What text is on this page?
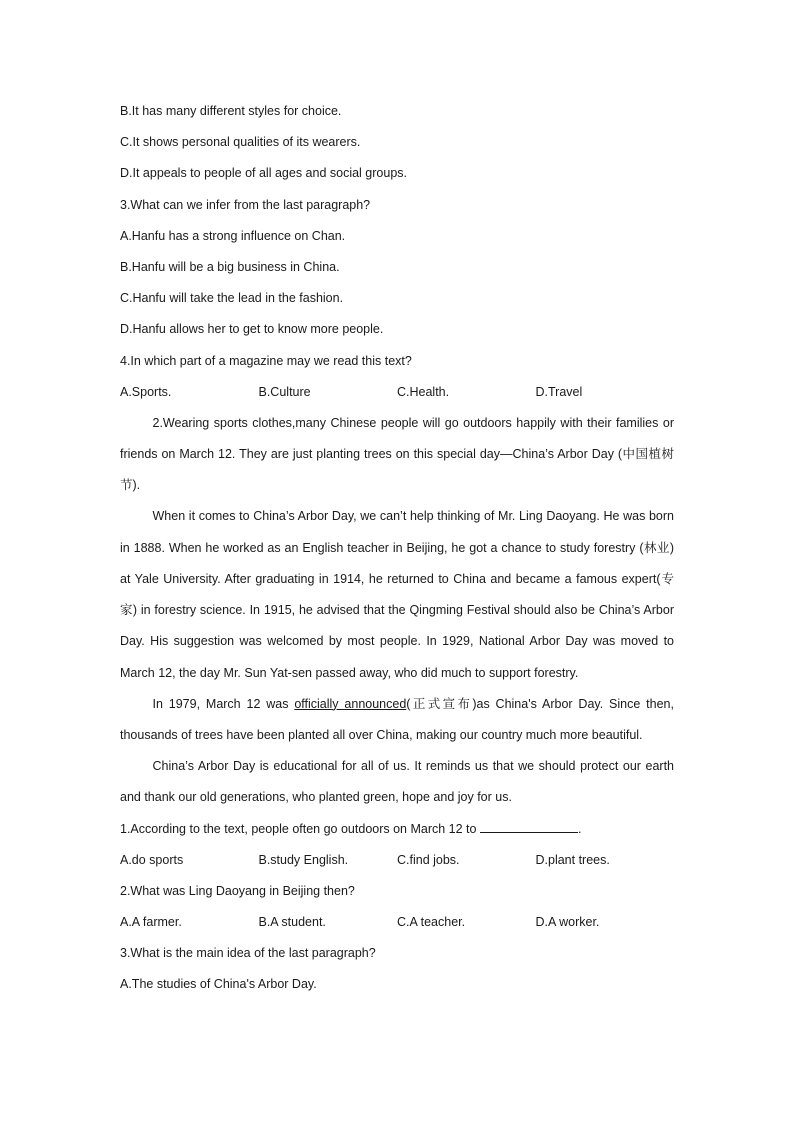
B.It has many different styles for choice.
C.It shows personal qualities of its wearers.
D.It appeals to people of all ages and social groups.
3.What can we infer from the last paragraph?
A.Hanfu has a strong influence on Chan.
B.Hanfu will be a big business in China.
C.Hanfu will take the lead in the fashion.
D.Hanfu allows her to get to know more people.
4.In which part of a magazine may we read this text?
A.Sports.	B.Culture	C.Health.	D.Travel

2.Wearing sports clothes,many Chinese people will go outdoors happily with their families or friends on March 12. They are just planting trees on this special day—China’s Arbor Day (中国植树节).

When it comes to China’s Arbor Day, we can’t help thinking of Mr. Ling Daoyang. He was born in 1888. When he worked as an English teacher in Beijing, he got a chance to study forestry (林业) at Yale University. After graduating in 1914, he returned to China and became a famous expert(专家) in forestry science. In 1915, he advised that the Qingming Festival should also be China’s Arbor Day. His suggestion was welcomed by most people. In 1929, National Arbor Day was moved to March 12, the day Mr. Sun Yat-sen passed away, who did much to support forestry.

In 1979, March 12 was officially announced(正式宣布)as China's Arbor Day. Since then, thousands of trees have been planted all over China, making our country much more beautiful.

China’s Arbor Day is educational for all of us. It reminds us that we should protect our earth and thank our old generations, who planted green, hope and joy for us.

1.According to the text, people often go outdoors on March 12 to	.
A.do sports	B.study English.	C.find jobs.	D.plant trees.
2.What was Ling Daoyang in Beijing then?
A.A farmer.	B.A student.	C.A teacher.	D.A worker.
3.What is the main idea of the last paragraph?
A.The studies of China's Arbor Day.
